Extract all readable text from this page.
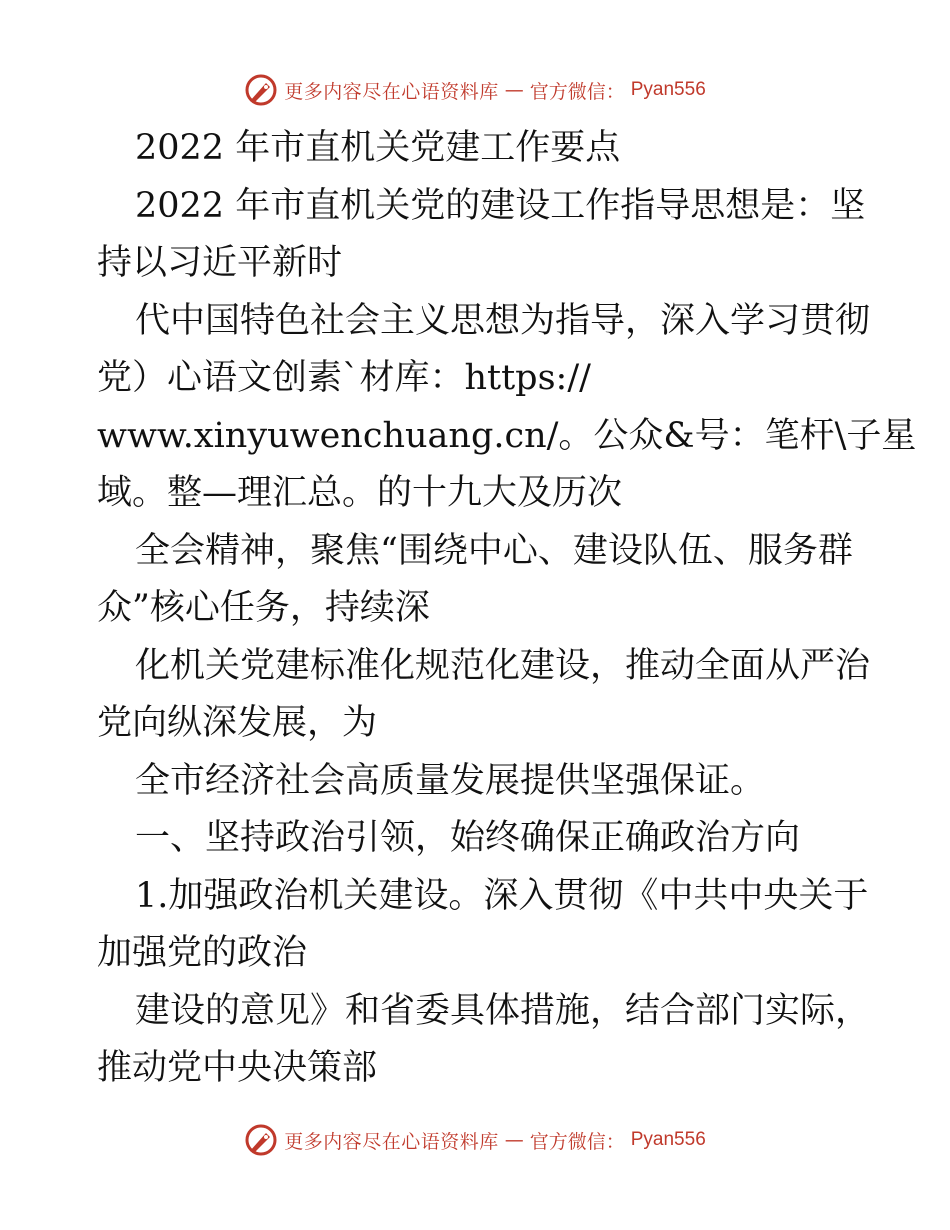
更多内容尽在心语资料库 — 官方微信： Pyan556
2022 年市直机关党建工作要点
2022 年市直机关党的建设工作指导思想是：坚
持以习近平新时
代中国特色社会主义思想为指导，深入学习贯彻
党）心语文创素`材库：https://
www.xinyuwenchuang.cn/。公众&号：笔杆\子星
域。整—理汇总。的十九大及历次
全会精神，聚焦“围绕中心、建设队伍、服务群
众”核心任务，持续深
化机关党建标准化规范化建设，推动全面从严治
党向纵深发展，为
全市经济社会高质量发展提供坚强保证。
一、坚持政治引领，始终确保正确政治方向
1.加强政治机关建设。深入贯彻《中共中央关于
加强党的政治
建设的意见》和省委具体措施，结合部门实际，
推动党中央决策部
更多内容尽在心语资料库 — 官方微信： Pyan556
